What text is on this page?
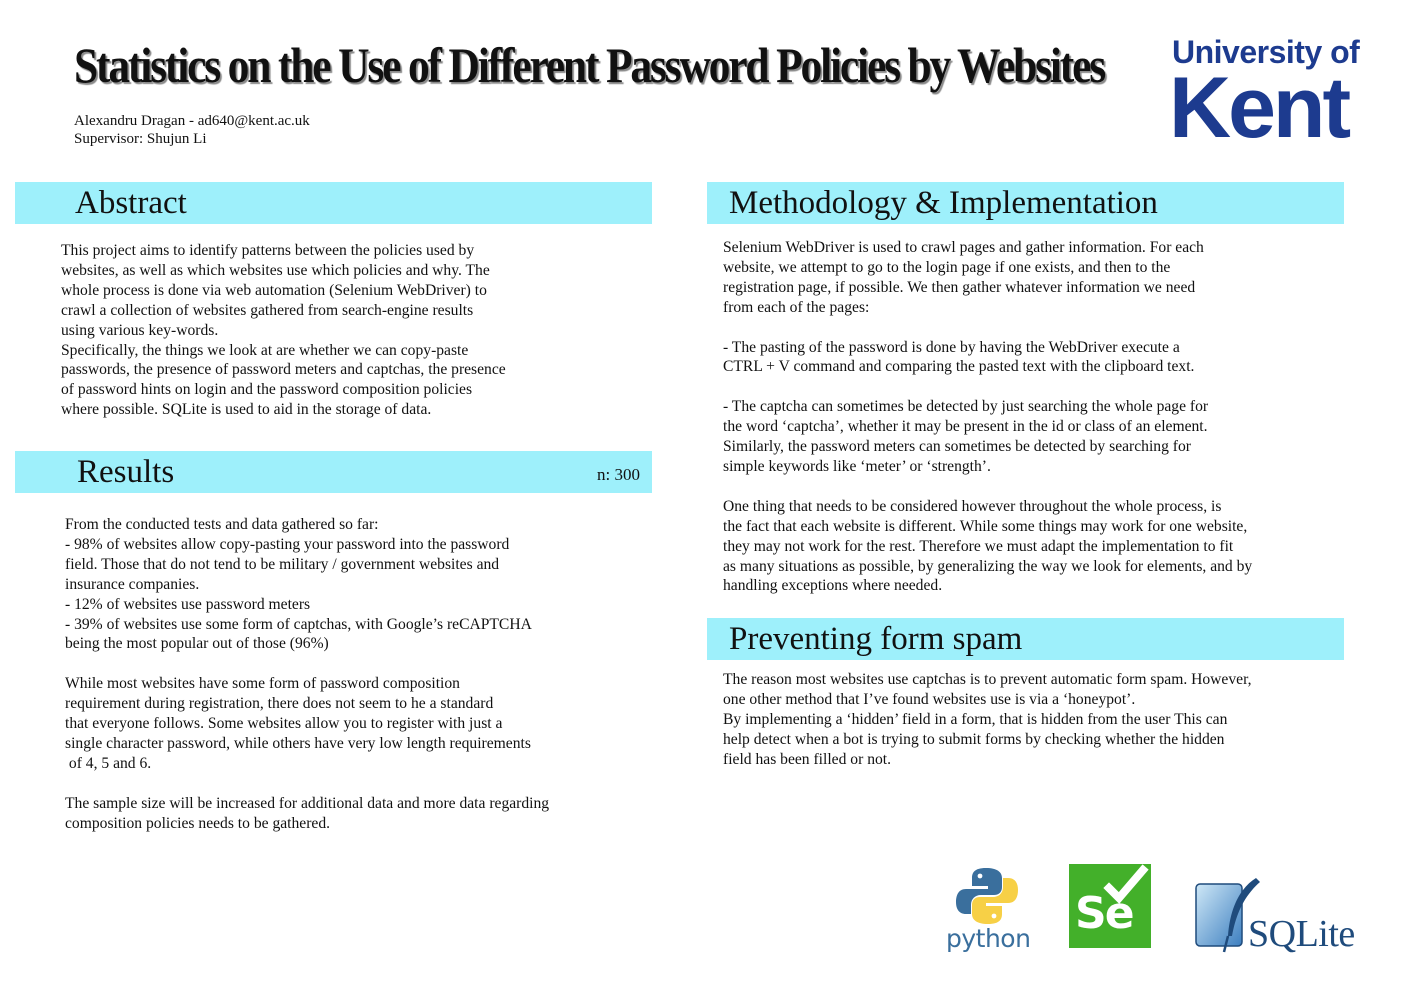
Statistics on the Use of Different Password Policies by Websites

Alexandru Dragan - ad640@kent.ac.uk

Supervisor: Shujun Li

University of
Kent
Abstract

This project aims to identify patterns between the policies used by
websites, as well as which websites use which policies and why. The
whole process is done via web automation (Selenium WebDriver) to
crawl a collection of websites gathered from search-engine results
using various key-words.
Specifically, the things we look at are whether we can copy-paste
passwords, the presence of password meters and captchas, the presence
of password hints on login and the password composition policies
where possible. SQLite is used to aid in the storage of data.

Results	n: 300

From the conducted tests and data gathered so far:
- 98% of websites allow copy-pasting your password into the password
field. Those that do not tend to be military / government websites and
insurance companies.
- 12% of websites use password meters
- 39% of websites use some form of captchas, with Google’s reCAPTCHA
being the most popular out of those (96%)

While most websites have some form of password composition
requirement during registration, there does not seem to he a standard
that everyone follows. Some websites allow you to register with just a
single character password, while others have very low length requirements
of 4, 5 and 6.

The sample size will be increased for additional data and more data regarding
composition policies needs to be gathered.

Methodology & Implementation

Selenium WebDriver is used to crawl pages and gather information. For each
website, we attempt to go to the login page if one exists, and then to the
registration page, if possible. We then gather whatever information we need
from each of the pages:

- The pasting of the password is done by having the WebDriver execute a
CTRL + V command and comparing the pasted text with the clipboard text.

- The captcha can sometimes be detected by just searching the whole page for
the word ‘captcha’, whether it may be present in the id or class of an element.
Similarly, the password meters can sometimes be detected by searching for
simple keywords like ‘meter’ or ‘strength’.

One thing that needs to be considered however throughout the whole process, is
the fact that each website is different. While some things may work for one website,
they may not work for the rest. Therefore we must adapt the implementation to fit
as many situations as possible, by generalizing the way we look for elements, and by
handling exceptions where needed.

Preventing form spam

The reason most websites use captchas is to prevent automatic form spam. However,
one other method that I’ve found websites use is via a ‘honeypot’.
By implementing a ‘hidden’ field in a form, that is hidden from the user This can
help detect when a bot is trying to submit forms by checking whether the hidden
field has been filled or not.

python Se	SQLite
